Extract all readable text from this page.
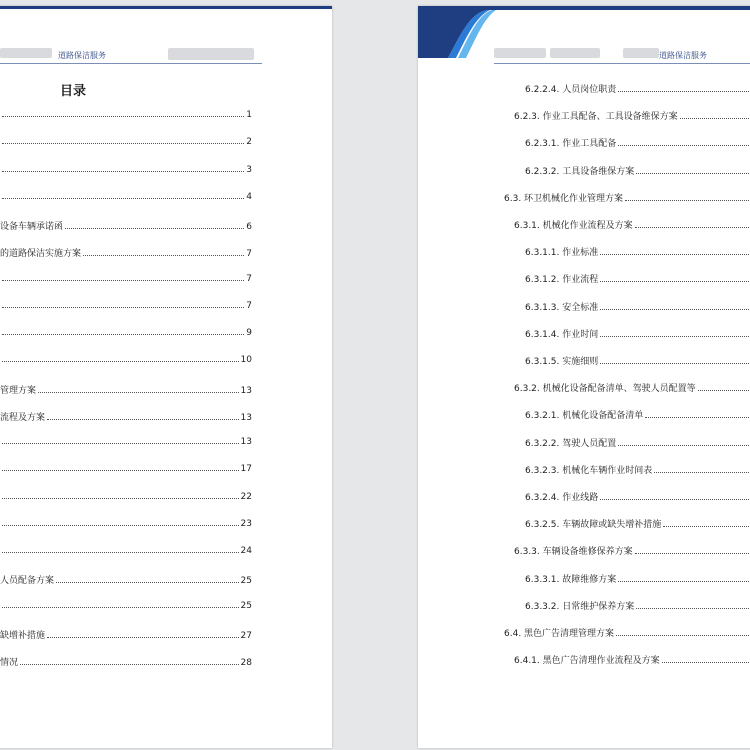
道路保洁服务
目录
1
2
3
4
设备车辆承诺函	6
的道路保洁实施方案	7
7
7
9
10
管理方案	13
流程及方案	13
13
17
22
23
24
人员配备方案	25
25
缺增补措施	27
情况	28
道路保洁服务
6.2.2.4. 人员岗位职责
6.2.3. 作业工具配备、工具设备维保方案
6.2.3.1. 作业工具配备
6.2.3.2. 工具设备维保方案
6.3. 环卫机械化作业管理方案
6.3.1. 机械化作业流程及方案
6.3.1.1. 作业标准
6.3.1.2. 作业流程
6.3.1.3. 安全标准
6.3.1.4. 作业时间
6.3.1.5. 实施细则
6.3.2. 机械化设备配备清单、驾驶人员配置等
6.3.2.1. 机械化设备配备清单
6.3.2.2. 驾驶人员配置
6.3.2.3. 机械化车辆作业时间表
6.3.2.4. 作业线路
6.3.2.5. 车辆故障或缺失增补措施
6.3.3. 车辆设备维修保养方案
6.3.3.1. 故障维修方案
6.3.3.2. 日常维护保养方案
6.4. 黑色广告清理管理方案
6.4.1. 黑色广告清理作业流程及方案
